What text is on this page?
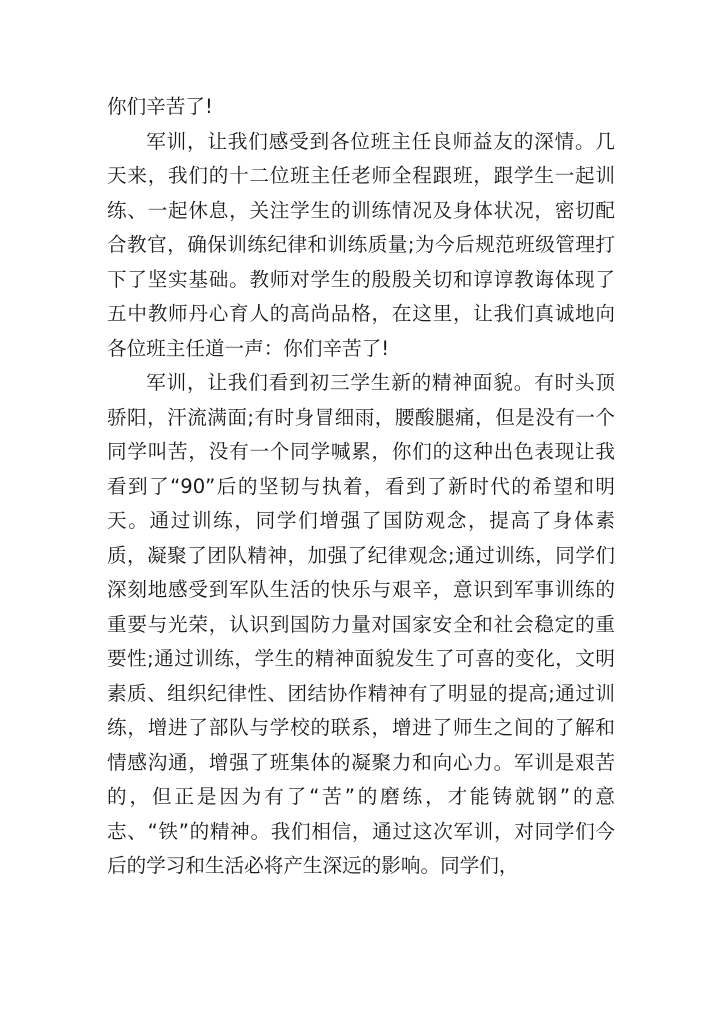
你们辛苦了!

军训，让我们感受到各位班主任良师益友的深情。几天来，我们的十二位班主任老师全程跟班，跟学生一起训练、一起休息，关注学生的训练情况及身体状况，密切配合教官，确保训练纪律和训练质量;为今后规范班级管理打下了坚实基础。教师对学生的殷殷关切和谆谆教诲体现了五中教师丹心育人的高尚品格，在这里，让我们真诚地向各位班主任道一声：你们辛苦了!

军训，让我们看到初三学生新的精神面貌。有时头顶骄阳，汗流满面;有时身冒细雨，腰酸腿痛，但是没有一个同学叫苦，没有一个同学喊累，你们的这种出色表现让我看到了“90”后的坚韧与执着，看到了新时代的希望和明天。通过训练，同学们增强了国防观念，提高了身体素质，凝聚了团队精神，加强了纪律观念;通过训练，同学们深刻地感受到军队生活的快乐与艰辛，意识到军事训练的重要与光荣，认识到国防力量对国家安全和社会稳定的重要性;通过训练，学生的精神面貌发生了可喜的变化，文明素质、组织纪律性、团结协作精神有了明显的提高;通过训练，增进了部队与学校的联系，增进了师生之间的了解和情感沟通，增强了班集体的凝聚力和向心力。军训是艰苦的，但正是因为有了“苦”的磨练，才能铸就钢”的意志、“铁”的精神。我们相信，通过这次军训，对同学们今后的学习和生活必将产生深远的影响。同学们，
